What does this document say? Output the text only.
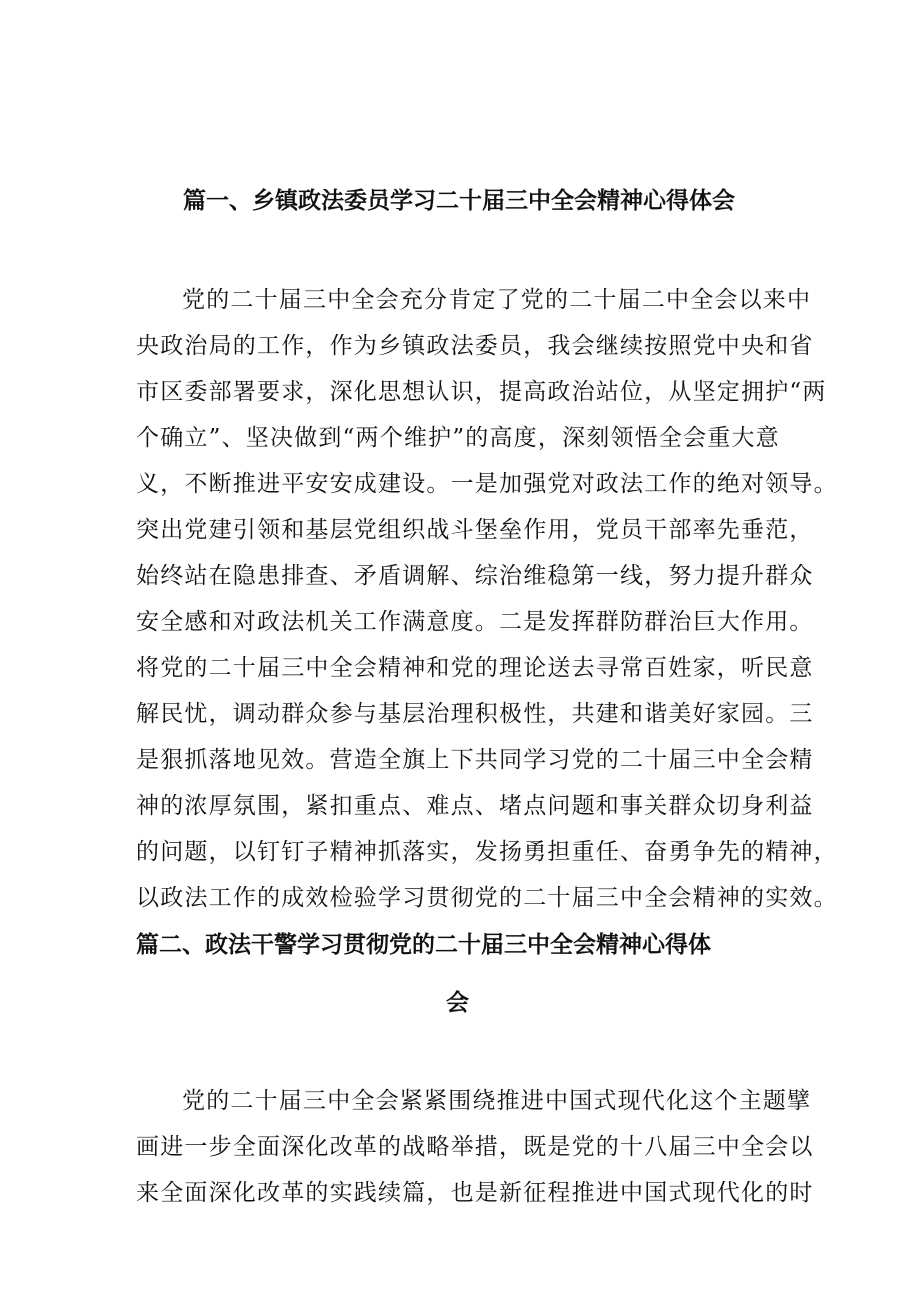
篇一、乡镇政法委员学习二十届三中全会精神心得体会

党的二十届三中全会充分肯定了党的二十届二中全会以来中

央政治局的工作，作为乡镇政法委员，我会继续按照党中央和省

市区委部署要求，深化思想认识，提高政治站位，从坚定拥护“两

个确立”、坚决做到“两个维护”的高度，深刻领悟全会重大意

义，不断推进平安安成建设。一是加强党对政法工作的绝对领导。

突出党建引领和基层党组织战斗堡垒作用，党员干部率先垂范，

始终站在隐患排查、矛盾调解、综治维稳第一线，努力提升群众

安全感和对政法机关工作满意度。二是发挥群防群治巨大作用。

将党的二十届三中全会精神和党的理论送去寻常百姓家，听民意

解民忧，调动群众参与基层治理积极性，共建和谐美好家园。三

是狠抓落地见效。营造全旗上下共同学习党的二十届三中全会精

神的浓厚氛围，紧扣重点、难点、堵点问题和事关群众切身利益

的问题，以钉钉子精神抓落实，发扬勇担重任、奋勇争先的精神，

以政法工作的成效检验学习贯彻党的二十届三中全会精神的实效。

篇二、政法干警学习贯彻党的二十届三中全会精神心得体
会

党的二十届三中全会紧紧围绕推进中国式现代化这个主题擘

画进一步全面深化改革的战略举措，既是党的十八届三中全会以

来全面深化改革的实践续篇，也是新征程推进中国式现代化的时
